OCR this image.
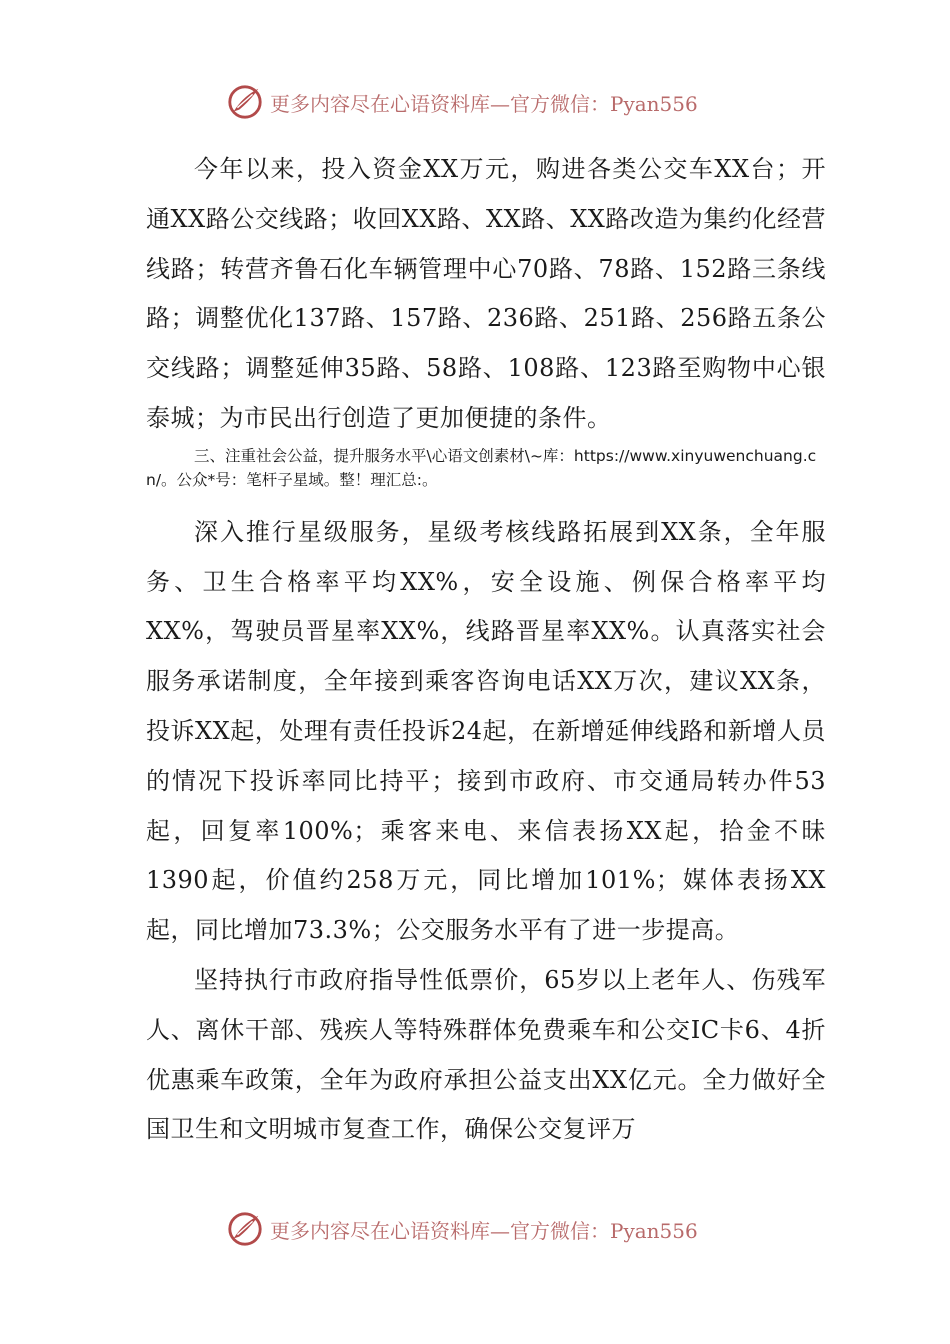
更多内容尽在心语资料库—官方微信：Pyan556

今年以来，投入资金XX万元，购进各类公交车XX台；开通XX路公交线路；收回XX路、XX路、XX路改造为集约化经营线路；转营齐鲁石化车辆管理中心70路、78路、152路三条线路；调整优化137路、157路、236路、251路、256路五条公交线路；调整延伸35路、58路、108路、123路至购物中心银泰城；为市民出行创造了更加便捷的条件。

三、注重社会公益，提升服务水平\心语文创素材\~库：https://www.xinyuwenchuang.cn/。公众*号：笔杆子星域。整！理汇总:。

深入推行星级服务，星级考核线路拓展到XX条，全年服务、卫生合格率平均XX%，安全设施、例保合格率平均XX%，驾驶员晋星率XX%，线路晋星率XX%。认真落实社会服务承诺制度，全年接到乘客咨询电话XX万次，建议XX条，投诉XX起，处理有责任投诉24起，在新增延伸线路和新增人员的情况下投诉率同比持平；接到市政府、市交通局转办件53起，回复率100%；乘客来电、来信表扬XX起，拾金不昧1390起，价值约258万元，同比增加101%；媒体表扬XX起，同比增加73.3%；公交服务水平有了进一步提高。

坚持执行市政府指导性低票价，65岁以上老年人、伤残军人、离休干部、残疾人等特殊群体免费乘车和公交IC卡6、4折优惠乘车政策，全年为政府承担公益支出XX亿元。全力做好全国卫生和文明城市复查工作，确保公交复评万

更多内容尽在心语资料库—官方微信：Pyan556
